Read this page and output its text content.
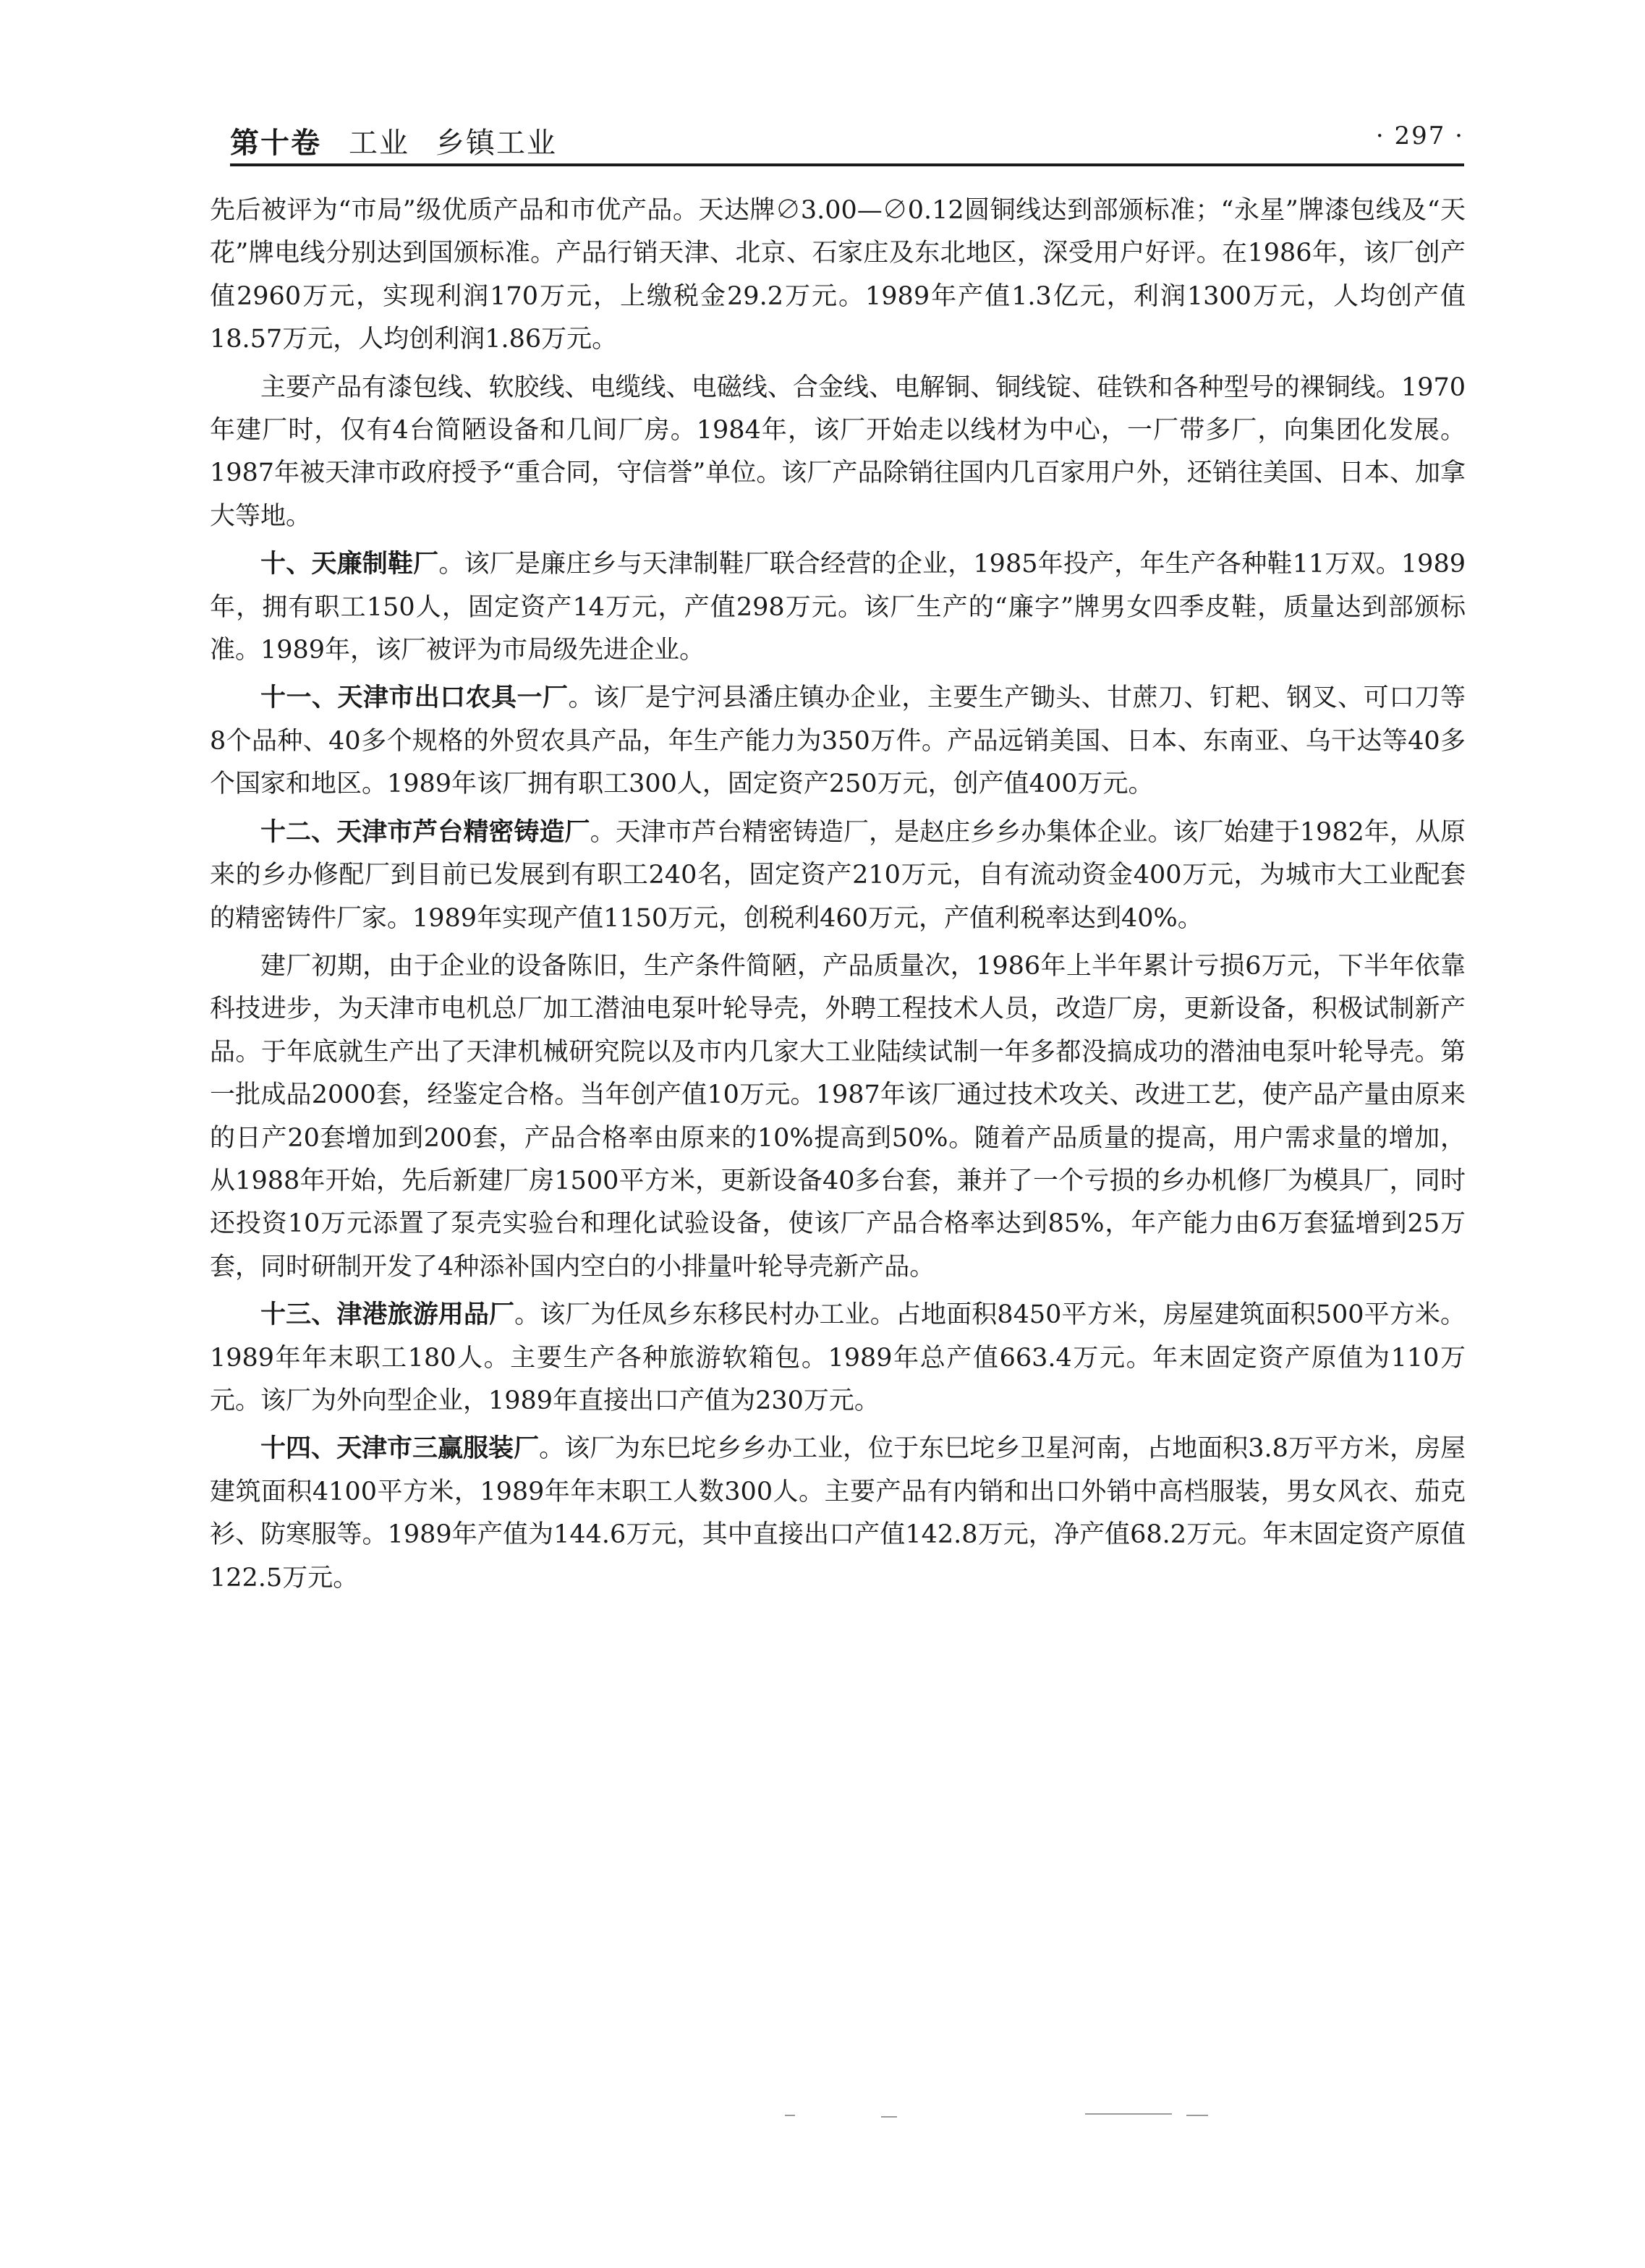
第十卷 工业 乡镇工业	· 297 ·

先后被评为“市局”级优质产品和市优产品。天达牌∅3.00—∅0.12圆铜线达到部颁标准；“永星”牌漆包线及“天花”牌电线分别达到国颁标准。产品行销天津、北京、石家庄及东北地区，深受用户好评。在1986年，该厂创产值2960万元，实现利润170万元，上缴税金29.2万元。1989年产值1.3亿元，利润1300万元，人均创产值18.57万元，人均创利润1.86万元。

主要产品有漆包线、软胶线、电缆线、电磁线、合金线、电解铜、铜线锭、硅铁和各种型号的裸铜线。1970年建厂时，仅有4台简陋设备和几间厂房。1984年，该厂开始走以线材为中心，一厂带多厂，向集团化发展。1987年被天津市政府授予“重合同，守信誉”单位。该厂产品除销往国内几百家用户外，还销往美国、日本、加拿大等地。

十、天廉制鞋厂。该厂是廉庄乡与天津制鞋厂联合经营的企业，1985年投产，年生产各种鞋11万双。1989年，拥有职工150人，固定资产14万元，产值298万元。该厂生产的“廉字”牌男女四季皮鞋，质量达到部颁标准。1989年，该厂被评为市局级先进企业。

十一、天津市出口农具一厂。该厂是宁河县潘庄镇办企业，主要生产锄头、甘蔗刀、钉耙、钢叉、可口刀等8个品种、40多个规格的外贸农具产品，年生产能力为350万件。产品远销美国、日本、东南亚、乌干达等40多个国家和地区。1989年该厂拥有职工300人，固定资产250万元，创产值400万元。

十二、天津市芦台精密铸造厂。天津市芦台精密铸造厂，是赵庄乡乡办集体企业。该厂始建于1982年，从原来的乡办修配厂到目前已发展到有职工240名，固定资产210万元，自有流动资金400万元，为城市大工业配套的精密铸件厂家。1989年实现产值1150万元，创税利460万元，产值利税率达到40%。

建厂初期，由于企业的设备陈旧，生产条件简陋，产品质量次，1986年上半年累计亏损6万元，下半年依靠科技进步，为天津市电机总厂加工潜油电泵叶轮导壳，外聘工程技术人员，改造厂房，更新设备，积极试制新产品。于年底就生产出了天津机械研究院以及市内几家大工业陆续试制一年多都没搞成功的潜油电泵叶轮导壳。第一批成品2000套，经鉴定合格。当年创产值10万元。1987年该厂通过技术攻关、改进工艺，使产品产量由原来的日产20套增加到200套，产品合格率由原来的10%提高到50%。随着产品质量的提高，用户需求量的增加，从1988年开始，先后新建厂房1500平方米，更新设备40多台套，兼并了一个亏损的乡办机修厂为模具厂，同时还投资10万元添置了泵壳实验台和理化试验设备，使该厂产品合格率达到85%，年产能力由6万套猛增到25万套，同时研制开发了4种添补国内空白的小排量叶轮导壳新产品。

十三、津港旅游用品厂。该厂为任凤乡东移民村办工业。占地面积8450平方米，房屋建筑面积500平方米。1989年年末职工180人。主要生产各种旅游软箱包。1989年总产值663.4万元。年末固定资产原值为110万元。该厂为外向型企业，1989年直接出口产值为230万元。

十四、天津市三赢服装厂。该厂为东巳坨乡乡办工业，位于东巳坨乡卫星河南，占地面积3.8万平方米，房屋建筑面积4100平方米，1989年年末职工人数300人。主要产品有内销和出口外销中高档服装，男女风衣、茄克衫、防寒服等。1989年产值为144.6万元，其中直接出口产值142.8万元，净产值68.2万元。年末固定资产原值122.5万元。
